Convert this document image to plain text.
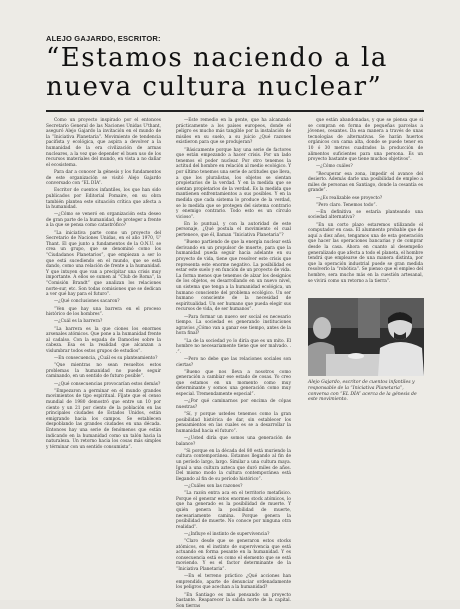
ALEJO GAJARDO, ESCRITOR:
“Estamos naciendo a la nueva cultura nuclear”

Como un proyecto inspirado por el entonces Secretario General de las Naciones Unidas U'thant, aseguró Alejo Gajardo la invitación en el mundo de la “Iniciativa Planetaria”. Movimiento de tendencia pacifista y ecológica, que aspira a devolver a la humanidad de la era civilización de armas nucleares, a la vez que depender el buen uso de los recursos materiales del mundo, en vista a no dañar el ecosistema.

Para dar a conocer la génesis y los fundamentos de este organización se visitó Alejo Gajardo conversado con “EL DÍA”.

Escritor de cuentos infantiles, los que han sido publicados por Editorial Pomaire, en su obra también plantea este situación crítica que afecta a la humanidad.

—¿Cómo se veneró en organización esta deseo de gran parte de la humanidad, de proteger a frente a la que se pensa como catastrófico?

“La iniciativa parte como un proyecto del Secretario de Naciones Unidas, en el año 1970, U' Thant. El que junto a fundamentos de la O.N.U. se crea un grupo, que se denominó como los “Ciudadanos Planetarios”, que empiezan a ser lo que está sucediendo en el mundo, que se está dando, como una relación de frente a la humanidad. Y que intuyen que van a precipitar una crisis muy importante. A ellos se sumen al “Club de Roma”, la “Comisión Brandt” que analizan los relaciones norte-sur, etc. Son todas comisiones que se dedican a ver qué hay para el futuro”.

—¿Qué conclusiones sacaron?

“Ven que hay una barrera en el proceso histórico de los hombres”.

—¿Cuál es la barrera?

“La barrera es la que ciones los enormes arsenales atómicos. Que pone a la humanidad frente al cadalso. Con la espada de Damocles sobre la cabeza. Esa es la realidad que alcanzan a vislumbrar todos estos grupos de estudios”.

—En consecuencia, ¿Cuál es su planteamiento?

“Que mientras no sean resueltos estos problemas la humanidad no puede seguir caminando, en un sentido de futuro posible”.

—¿Qué consecuencias provocarían estos demás?

“Empezaron a germinar en el mundo grandes movimientos de tipo espiritual. Fíjate que el censo mundial de 1980 demostró que entre un 10 por ciento y un 21 por ciento de la población en las principales ciudades de Estados Unidos, están emigrando hacia los campos. Se establecen despoblando las grandes ciudades en una década. Entonces hay una serie de fenómenos que están indicando en la humanidad como un talón hacia la naturaleza. Un retorno hacia los cosas más simples y términar con un sentido consumista”.

—Este remedio en la gente, que ha alcanzado prácticamente a los países europeos, donde el peligro es mucho más tangible por la instalación de misiles en su suelo, a su juicio ¿Qué razones existieron para que se produjeran?

“Básicamente porque hay una serie de factores que están empezando a hacer crisis. Por un lado tenemos el poder nuclear. Por otro tenemos la actitud del hombre en relación al medio ecológico. Y por último tenemos una serie de actitudes que lleva, a que los pluralistas, los objetos se sientan propietarios de la verdad. Y en la medida que se sientan propietarios de la verdad. Es la medida que mantienen enfrentamientos a sus posibles. Y en la medida que cada sistema lo produce de la verdad, se lo medida que se protegen del sistema contrario y enemigo contrario. Todo esto es un círculo vicioso”.

En lo puntual, y con la autoridad de este personaje, ¿Qué postula el movimiento el cual pertenece, que él, llaman “Iniciativa Planetaria”?

“Bueno partiendo de que la energía nuclear está derivando en un propulsor de muerte, para que la humanidad pueda seguir hacia adelante en su proyecto de vida, tiene que resolver este crisis que representa este enorme negativo. La posibilidad es estar este suelo y en función de un proyecto de vida. La forma menos que tenemos de alzar los designios de los objetos, es desarrollando en un nuevo nivel, un sistema que tenga a la humanidad ecológica, un humano consciente del problema ecológico. Un ser humano consciente de la necesidad de espiritualidad. Un ser humano que pueda elegir sus recursos de vida, de ser humanos”.

—Para formar un nuevo ser social es necesario tiempo. La sociedad es generando instituciones agravios ¿Cómo van a ganar ese tiempo, antes de la hora final?

“La de la sociedad yo lo diría que es un mito. El hombre no necesariamente tiene que ser malvado. . .”.

—Pero no debe que las relaciones sociales son ciertas?

“Bueno que nos lleva a nosotros como generación a cambiar ese estado de cosas. Yo creo que estamos en un momento como muy determinante y somos una generación como muy especial. Tremendamente especial”.

—¿Por qué caminarnos por encima de cópas nuestras?

“Sí, y porque ustedes tenemos como la gran posibilidad histórica de dar, sin establecer los pensamientos en las cuales es se a desarrollar la humanidad hacia el futuro”.

—¿Usted diría que somos una generación de balance?

“Si porque en la década del 80 está muriendo la cultura contemporánea. Estamos llegando al fin de un período largo, largo. Similar a una cultura maya. Igual a una cultura azteca que duró miles de años. Del mismo modo la cultura contemporánea está llegando al fin de su período histórico”.

—¿Cuáles son las razones?

“La razón entra aca en el territorio metafísico. Porque el generar estos enormes stock atómicos, lo que ha generado es la posibilidad de muerte. Y quién genera la posibilidad de muerte, necesariamente camina. Porque genera la posibilidad de muerte. No conoce por ninguna otra realidad”.

—¿Influye el instinto de supervivencia?

“Claro desde que se generaron estos stocks atómicos, en el instinto de supervivencia que está actuando en forma pesante en la humanidad. Y es consecuencia está es como el elemento que se está moviendo. Y es el factor determinante de la “Iniciativa Planetaria”.

—En el terreno práctico ¿Qué acciones han emprendido, aparte de denunciar ordenadamente los peligros que acechan a la humanidad?

“En Santiago es más pensando un proyecto bastante. Reaparecer la salida norte de la capital. Son tierras

que están abandonadas, y que se piensa que si se compran en forma de pequeñas parcelas a jóvenes, cesantes. Da esa manera a través de unas tecnologías de alternativas. Se harán huertos orgánicos con cama alta, donde se puede tener en 10 ó 30 metros cuadrados la producción de alimentos suficientes para una persona. Es un proyecto bastante que tiene muchos objetivos”.

—¿Cómo cuáles?

“Recuperar esa zona, impedir el avance del desierto. Además darle una posibilidad de empleo a miles de personas en Santiago, donde la cesantía es grande”.

—¿Es realizable ese proyecto?

“Pero claro. Tenemos todo”.

—En definitiva se estaría planteando una sociedad alternativa?

“En un corto plazo estaremos utilizando el computador en casa. El alumnento probable que de aquí a diez años, tengamos una de esta generación que hacer las operaciones bancarias y de comprar desde la casa. Ahora en cuanto al desempeño generalizado que afecta a todo el planeta, el hombre tendrá que emplearse de una manera distinta, por que la operación industrial puede se gran medida resolverlo la “robótica”. Se pienso que el empleo del hombre, sera mucho más en la cuestión artesanal, se vivirá como un retorno a la tierra”.

Alejo Gajardo, escritor de cuentos infantiles y responsable de la “Iniciativa Planetaria”, conversa con “EL DÍA” acerca de la génesis de este movimiento.
